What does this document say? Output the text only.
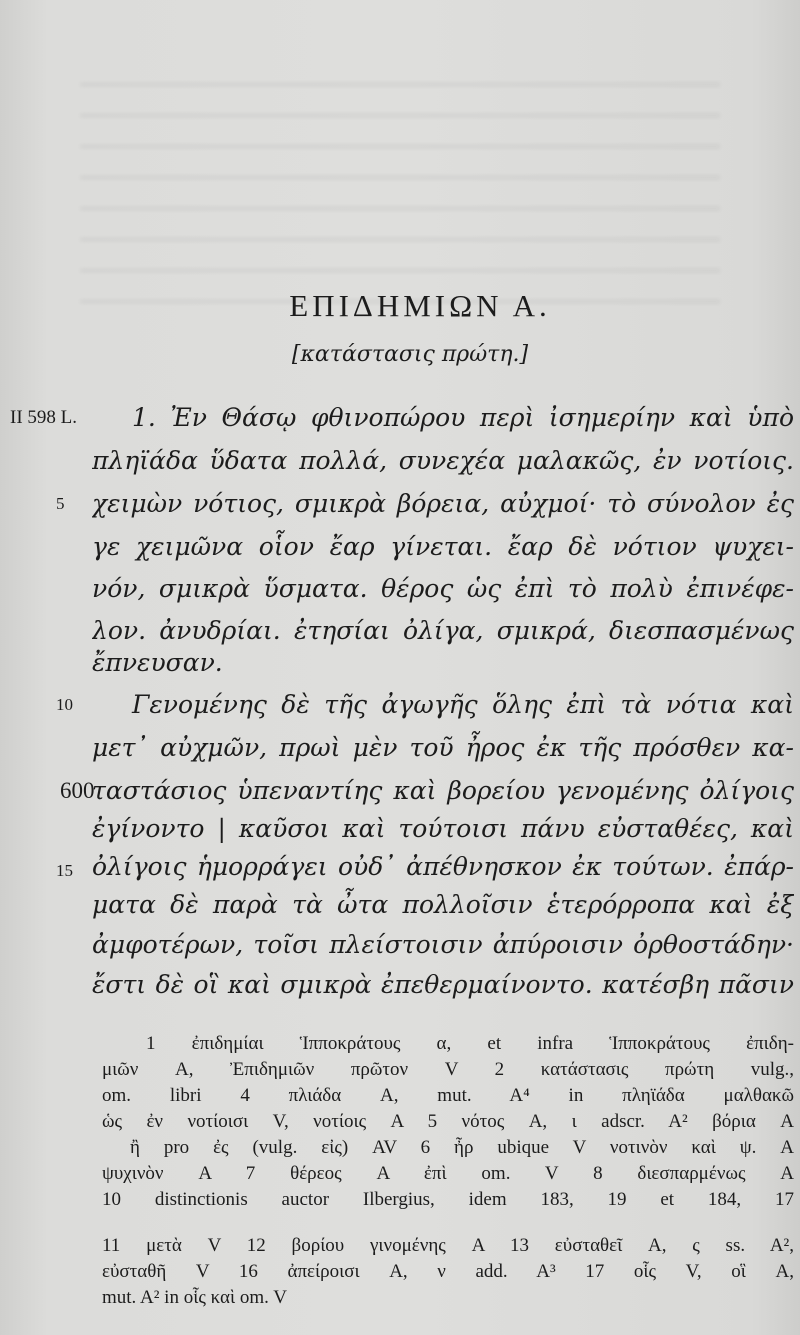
ΕΠΙΔΗΜΙΩΝ Α.
[κατάστασις πρώτη.]
II 598 L.
600
5
10
15
1. Ἐν Θάσῳ φθινοπώρου περὶ ἰσημερίην καὶ ὑπὸ
πληϊάδα ὕδατα πολλά, συνεχέα μαλακῶς, ἐν νοτίοις.
χειμὼν νότιος, σμικρὰ βόρεια, αὐχμοί· τὸ σύνολον ἐς
γε χειμῶνα οἷον ἔαρ γίνεται. ἔαρ δὲ νότιον ψυχει-
νόν, σμικρὰ ὕσματα. θέρος ὡς ἐπὶ τὸ πολὺ ἐπινέφε-
λον. ἀνυδρίαι. ἐτησίαι ὀλίγα, σμικρά, διεσπασμένως
ἔπνευσαν.
Γενομένης δὲ τῆς ἀγωγῆς ὅλης ἐπὶ τὰ νότια καὶ
μετ᾽ αὐχμῶν, πρωὶ μὲν τοῦ ἦρος ἐκ τῆς πρόσθεν κα-
ταστάσιος ὑπεναντίης καὶ βορείου γενομένης ὀλίγοις
ἐγίνοντο | καῦσοι καὶ τούτοισι πάνυ εὐσταθέες, καὶ
ὀλίγοις ἡμορράγει οὐδ᾽ ἀπέθνησκον ἐκ τούτων. ἐπάρ-
ματα δὲ παρὰ τὰ ὦτα πολλοῖσιν ἑτερόρροπα καὶ ἐξ
ἀμφοτέρων, τοῖσι πλείστοισιν ἀπύροισιν ὀρθοστάδην·
ἔστι δὲ οἳ καὶ σμικρὰ ἐπεθερμαίνοντο. κατέσβη πᾶσιν
1 ἐπιδημίαι Ἱπποκράτους α, et infra Ἱπποκράτους ἐπιδη-
μιῶν A, Ἐπιδημιῶν πρῶτον V 2 κατάστασις πρώτη vulg.,
om. libri 4 πλιάδα A, mut. A⁴ in πληϊάδα μαλθακῶ
ὡς ἐν νοτίοισι V, νοτίοις A 5 νότος A, ι adscr. A² βόρια A
ἢ pro ἐς (vulg. εἰς) AV 6 ἦρ ubique V νοτινὸν καὶ ψ. A
ψυχινὸν A 7 θέρεος A ἐπὶ om. V 8 διεσπαρμένως A
10 distinctionis auctor Ilbergius, idem 183, 19 et 184, 17
11 μετὰ V 12 βορίου γινομένης A 13 εὐσταθεῖ A, ς ss. A²,
εὐσταθῆ V 16 ἀπείροισι A, ν add. A³ 17 οἷς V, οἳ A,
mut. A² in οἷς καὶ om. V
